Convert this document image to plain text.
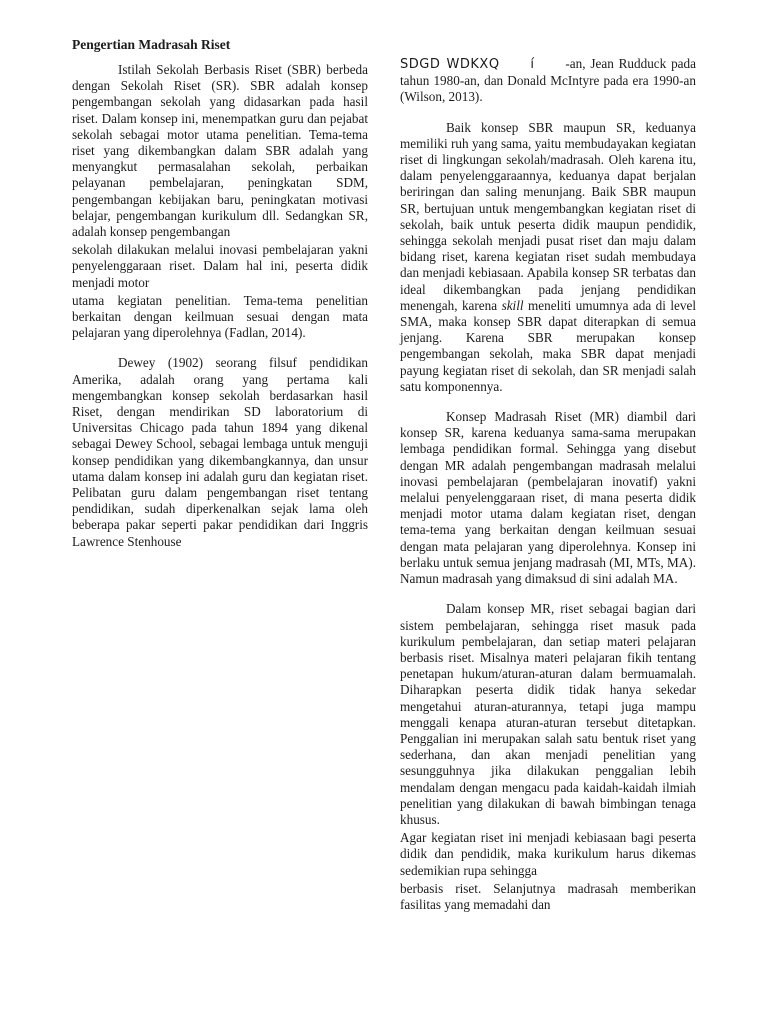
Pengertian Madrasah Riset

Istilah Sekolah Berbasis Riset (SBR) berbeda dengan Sekolah Riset (SR). SBR adalah konsep pengembangan sekolah yang didasarkan pada hasil riset. Dalam konsep ini, menempatkan guru dan pejabat sekolah sebagai motor utama penelitian. Tema-tema riset yang dikembangkan dalam SBR adalah yang menyangkut permasalahan sekolah, perbaikan pelayanan pembelajaran, peningkatan SDM, pengembangan kebijakan baru, peningkatan motivasi belajar, pengembangan kurikulum dll. Sedangkan SR, adalah konsep pengembangan

sekolah dilakukan melalui inovasi pembelajaran yakni penyelenggaraan riset. Dalam hal ini, peserta didik menjadi motor

utama kegiatan penelitian. Tema-tema penelitian berkaitan dengan keilmuan sesuai dengan mata pelajaran yang diperolehnya (Fadlan, 2014).

Dewey (1902) seorang filsuf pendidikan Amerika, adalah orang yang pertama kali mengembangkan konsep sekolah berdasarkan hasil Riset, dengan mendirikan SD laboratorium di Universitas Chicago pada tahun 1894 yang dikenal sebagai Dewey School, sebagai lembaga untuk menguji konsep pendidikan yang dikembangkannya, dan unsur utama dalam konsep ini adalah guru dan kegiatan riset. Pelibatan guru dalam pengembangan riset tentang pendidikan, sudah diperkenalkan sejak lama oleh beberapa pakar seperti pakar pendidikan dari Inggris Lawrence Stenhouse

SDGD WDKXQ     í     -an, Jean Rudduck pada tahun 1980-an, dan Donald McIntyre pada era 1990-an (Wilson, 2013).

Baik konsep SBR maupun SR, keduanya memiliki ruh yang sama, yaitu membudayakan kegiatan riset di lingkungan sekolah/madrasah. Oleh karena itu, dalam penyelenggaraannya, keduanya dapat berjalan beriringan dan saling menunjang. Baik SBR maupun SR, bertujuan untuk mengembangkan kegiatan riset di sekolah, baik untuk peserta didik maupun pendidik, sehingga sekolah menjadi pusat riset dan maju dalam bidang riset, karena kegiatan riset sudah membudaya dan menjadi kebiasaan. Apabila konsep SR terbatas dan ideal dikembangkan pada jenjang pendidikan menengah, karena skill meneliti umumnya ada di level SMA, maka konsep SBR dapat diterapkan di semua jenjang. Karena SBR merupakan konsep pengembangan sekolah, maka SBR dapat menjadi payung kegiatan riset di sekolah, dan SR menjadi salah satu komponennya.

Konsep Madrasah Riset (MR) diambil dari konsep SR, karena keduanya sama-sama merupakan lembaga pendidikan formal. Sehingga yang disebut dengan MR adalah pengembangan madrasah melalui inovasi pembelajaran (pembelajaran inovatif) yakni melalui penyelenggaraan riset, di mana peserta didik menjadi motor utama dalam kegiatan riset, dengan tema-tema yang berkaitan dengan keilmuan sesuai dengan mata pelajaran yang diperolehnya. Konsep ini berlaku untuk semua jenjang madrasah (MI, MTs, MA). Namun madrasah yang dimaksud di sini adalah MA.

Dalam konsep MR, riset sebagai bagian dari sistem pembelajaran, sehingga riset masuk pada kurikulum pembelajaran, dan setiap materi pelajaran berbasis riset. Misalnya materi pelajaran fikih tentang penetapan hukum/aturan-aturan dalam bermuamalah. Diharapkan peserta didik tidak hanya sekedar mengetahui aturan-aturannya, tetapi juga mampu menggali kenapa aturan-aturan tersebut ditetapkan. Penggalian ini merupakan salah satu bentuk riset yang sederhana, dan akan menjadi penelitian yang sesungguhnya jika dilakukan penggalian lebih mendalam dengan mengacu pada kaidah-kaidah ilmiah penelitian yang dilakukan di bawah bimbingan tenaga khusus.

Agar kegiatan riset ini menjadi kebiasaan bagi peserta didik dan pendidik, maka kurikulum harus dikemas sedemikian rupa sehingga

berbasis riset. Selanjutnya madrasah memberikan fasilitas yang memadahi dan
